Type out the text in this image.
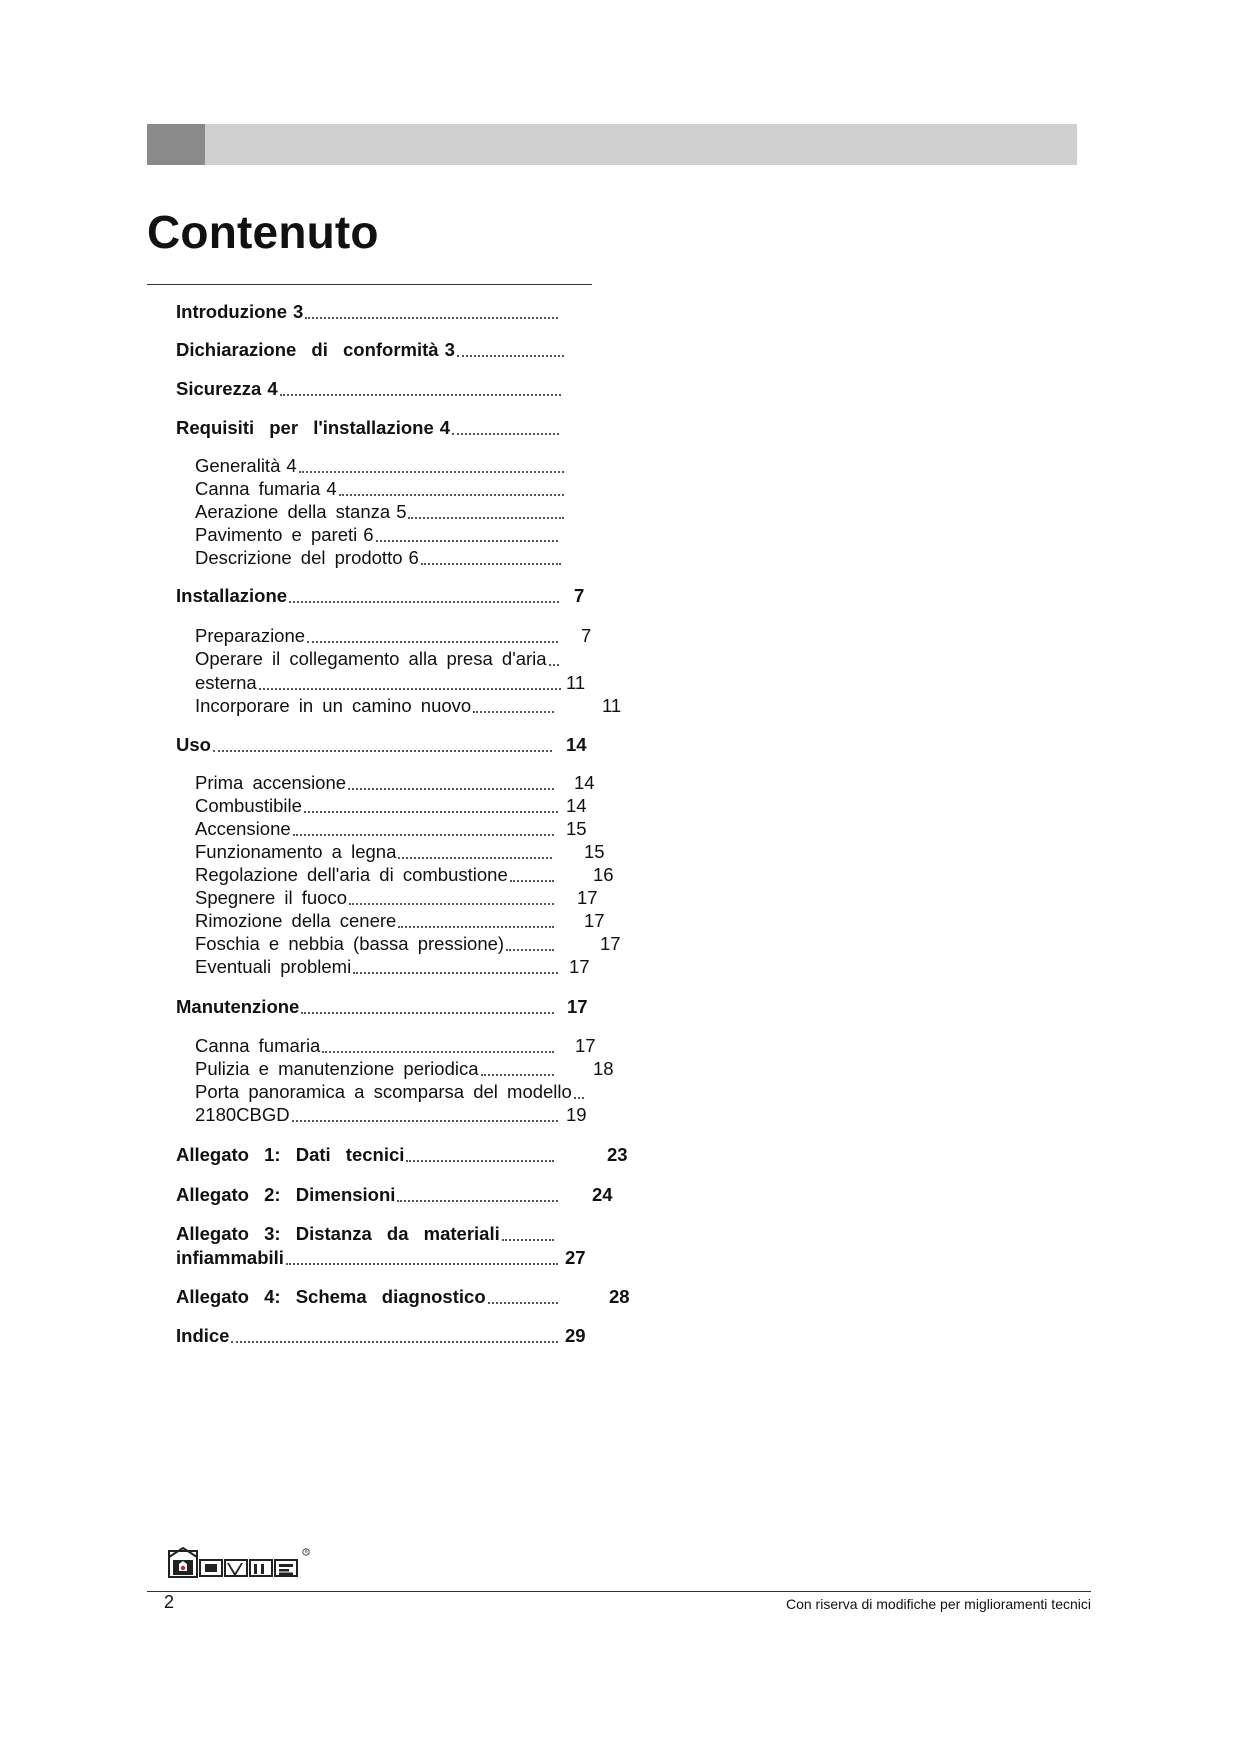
Contenuto
Introduzione 3
Dichiarazione di conformità 3
Sicurezza 4
Requisiti per l'installazione 4
Generalità 4
Canna fumaria 4
Aerazione della stanza 5
Pavimento e pareti 6
Descrizione del prodotto 6
Installazione	7
Preparazione	7
Operare il collegamento alla presa d'aria
esterna	11
Incorporare in un camino nuovo	11
Uso	14
Prima accensione	14
Combustibile	14
Accensione	15
Funzionamento a legna	15
Regolazione dell'aria di combustione	16
Spegnere il fuoco	17
Rimozione della cenere	17
Foschia e nebbia (bassa pressione)	17
Eventuali problemi	17
Manutenzione	17
Canna fumaria	17
Pulizia e manutenzione periodica	18
Porta panoramica a scomparsa del modello
2180CBGD	19
Allegato 1: Dati tecnici	23
Allegato 2: Dimensioni	24
Allegato 3: Distanza da materiali
infiammabili	27
Allegato 4: Schema diagnostico	28
Indice	29
R
2	Con riserva di modifiche per miglioramenti tecnici
